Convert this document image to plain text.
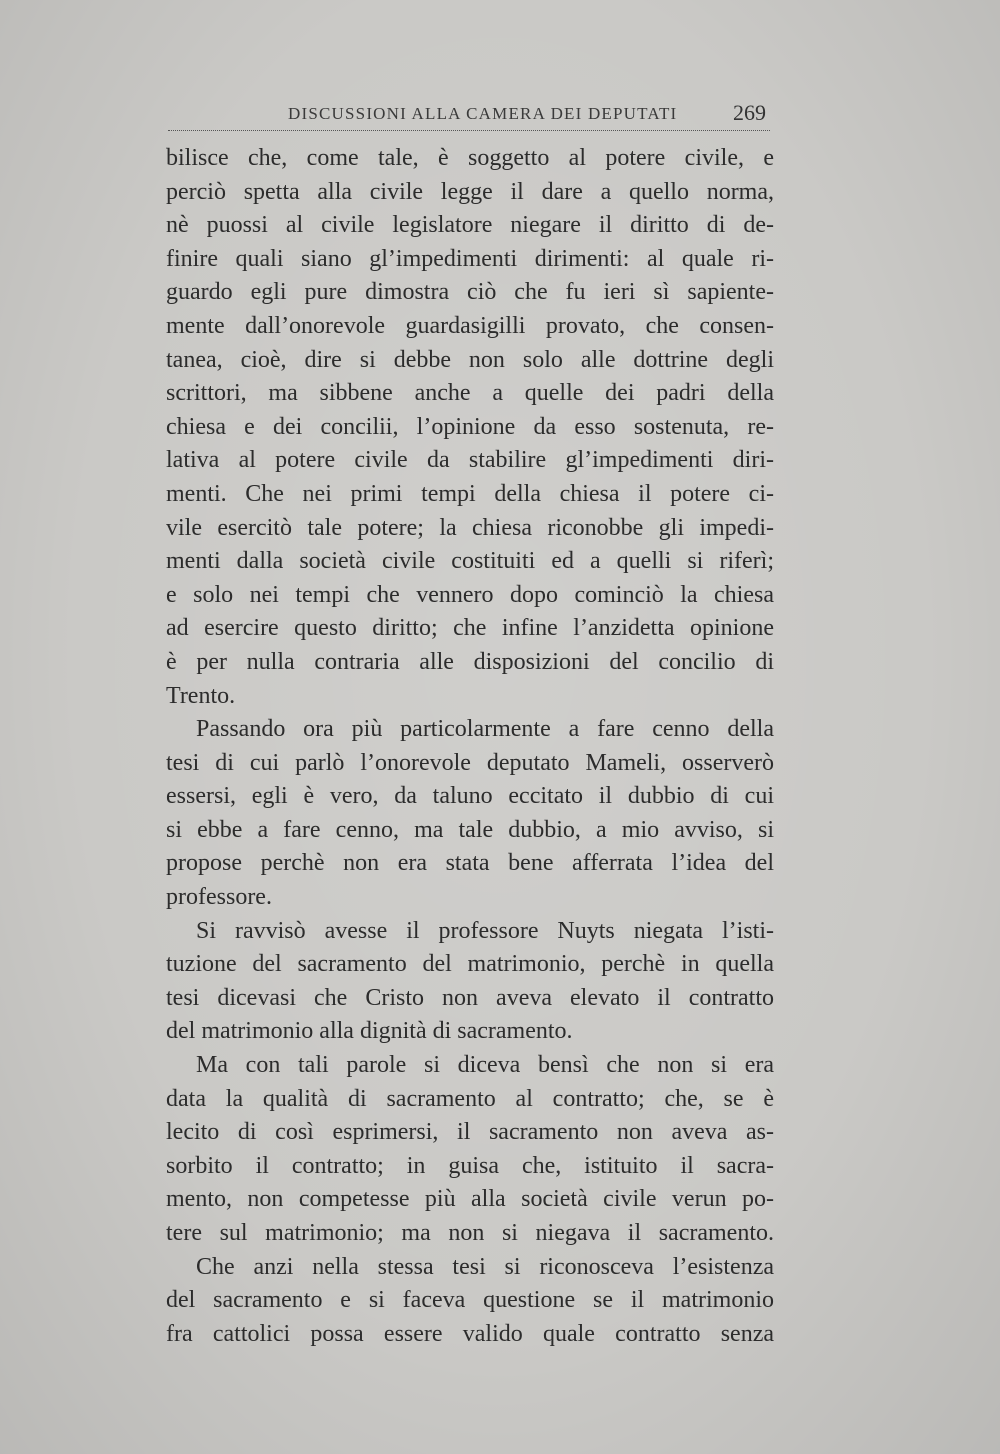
DISCUSSIONI ALLA CAMERA DEI DEPUTATI	269
bilisce che, come tale, è soggetto al potere civile, e
perciò spetta alla civile legge il dare a quello norma,
nè puossi al civile legislatore niegare il diritto di de-
finire quali siano gl’impedimenti dirimenti: al quale ri-
guardo egli pure dimostra ciò che fu ieri sì sapiente-
mente dall’onorevole guardasigilli provato, che consen-
tanea, cioè, dire si debbe non solo alle dottrine degli
scrittori, ma sibbene anche a quelle dei padri della
chiesa e dei concilii, l’opinione da esso sostenuta, re-
lativa al potere civile da stabilire gl’impedimenti diri-
menti. Che nei primi tempi della chiesa il potere ci-
vile esercitò tale potere; la chiesa riconobbe gli impedi-
menti dalla società civile costituiti ed a quelli si riferì;
e solo nei tempi che vennero dopo cominciò la chiesa
ad esercire questo diritto; che infine l’anzidetta opinione
è per nulla contraria alle disposizioni del concilio di
Trento.
Passando ora più particolarmente a fare cenno della
tesi di cui parlò l’onorevole deputato Mameli, osserverò
essersi, egli è vero, da taluno eccitato il dubbio di cui
si ebbe a fare cenno, ma tale dubbio, a mio avviso, si
propose perchè non era stata bene afferrata l’idea del
professore.
Si ravvisò avesse il professore Nuyts niegata l’isti-
tuzione del sacramento del matrimonio, perchè in quella
tesi dicevasi che Cristo non aveva elevato il contratto
del matrimonio alla dignità di sacramento.
Ma con tali parole si diceva bensì che non si era
data la qualità di sacramento al contratto; che, se è
lecito di così esprimersi, il sacramento non aveva as-
sorbito il contratto; in guisa che, istituito il sacra-
mento, non competesse più alla società civile verun po-
tere sul matrimonio; ma non si niegava il sacramento.
Che anzi nella stessa tesi si riconosceva l’esistenza
del sacramento e si faceva questione se il matrimonio
fra cattolici possa essere valido quale contratto senza
